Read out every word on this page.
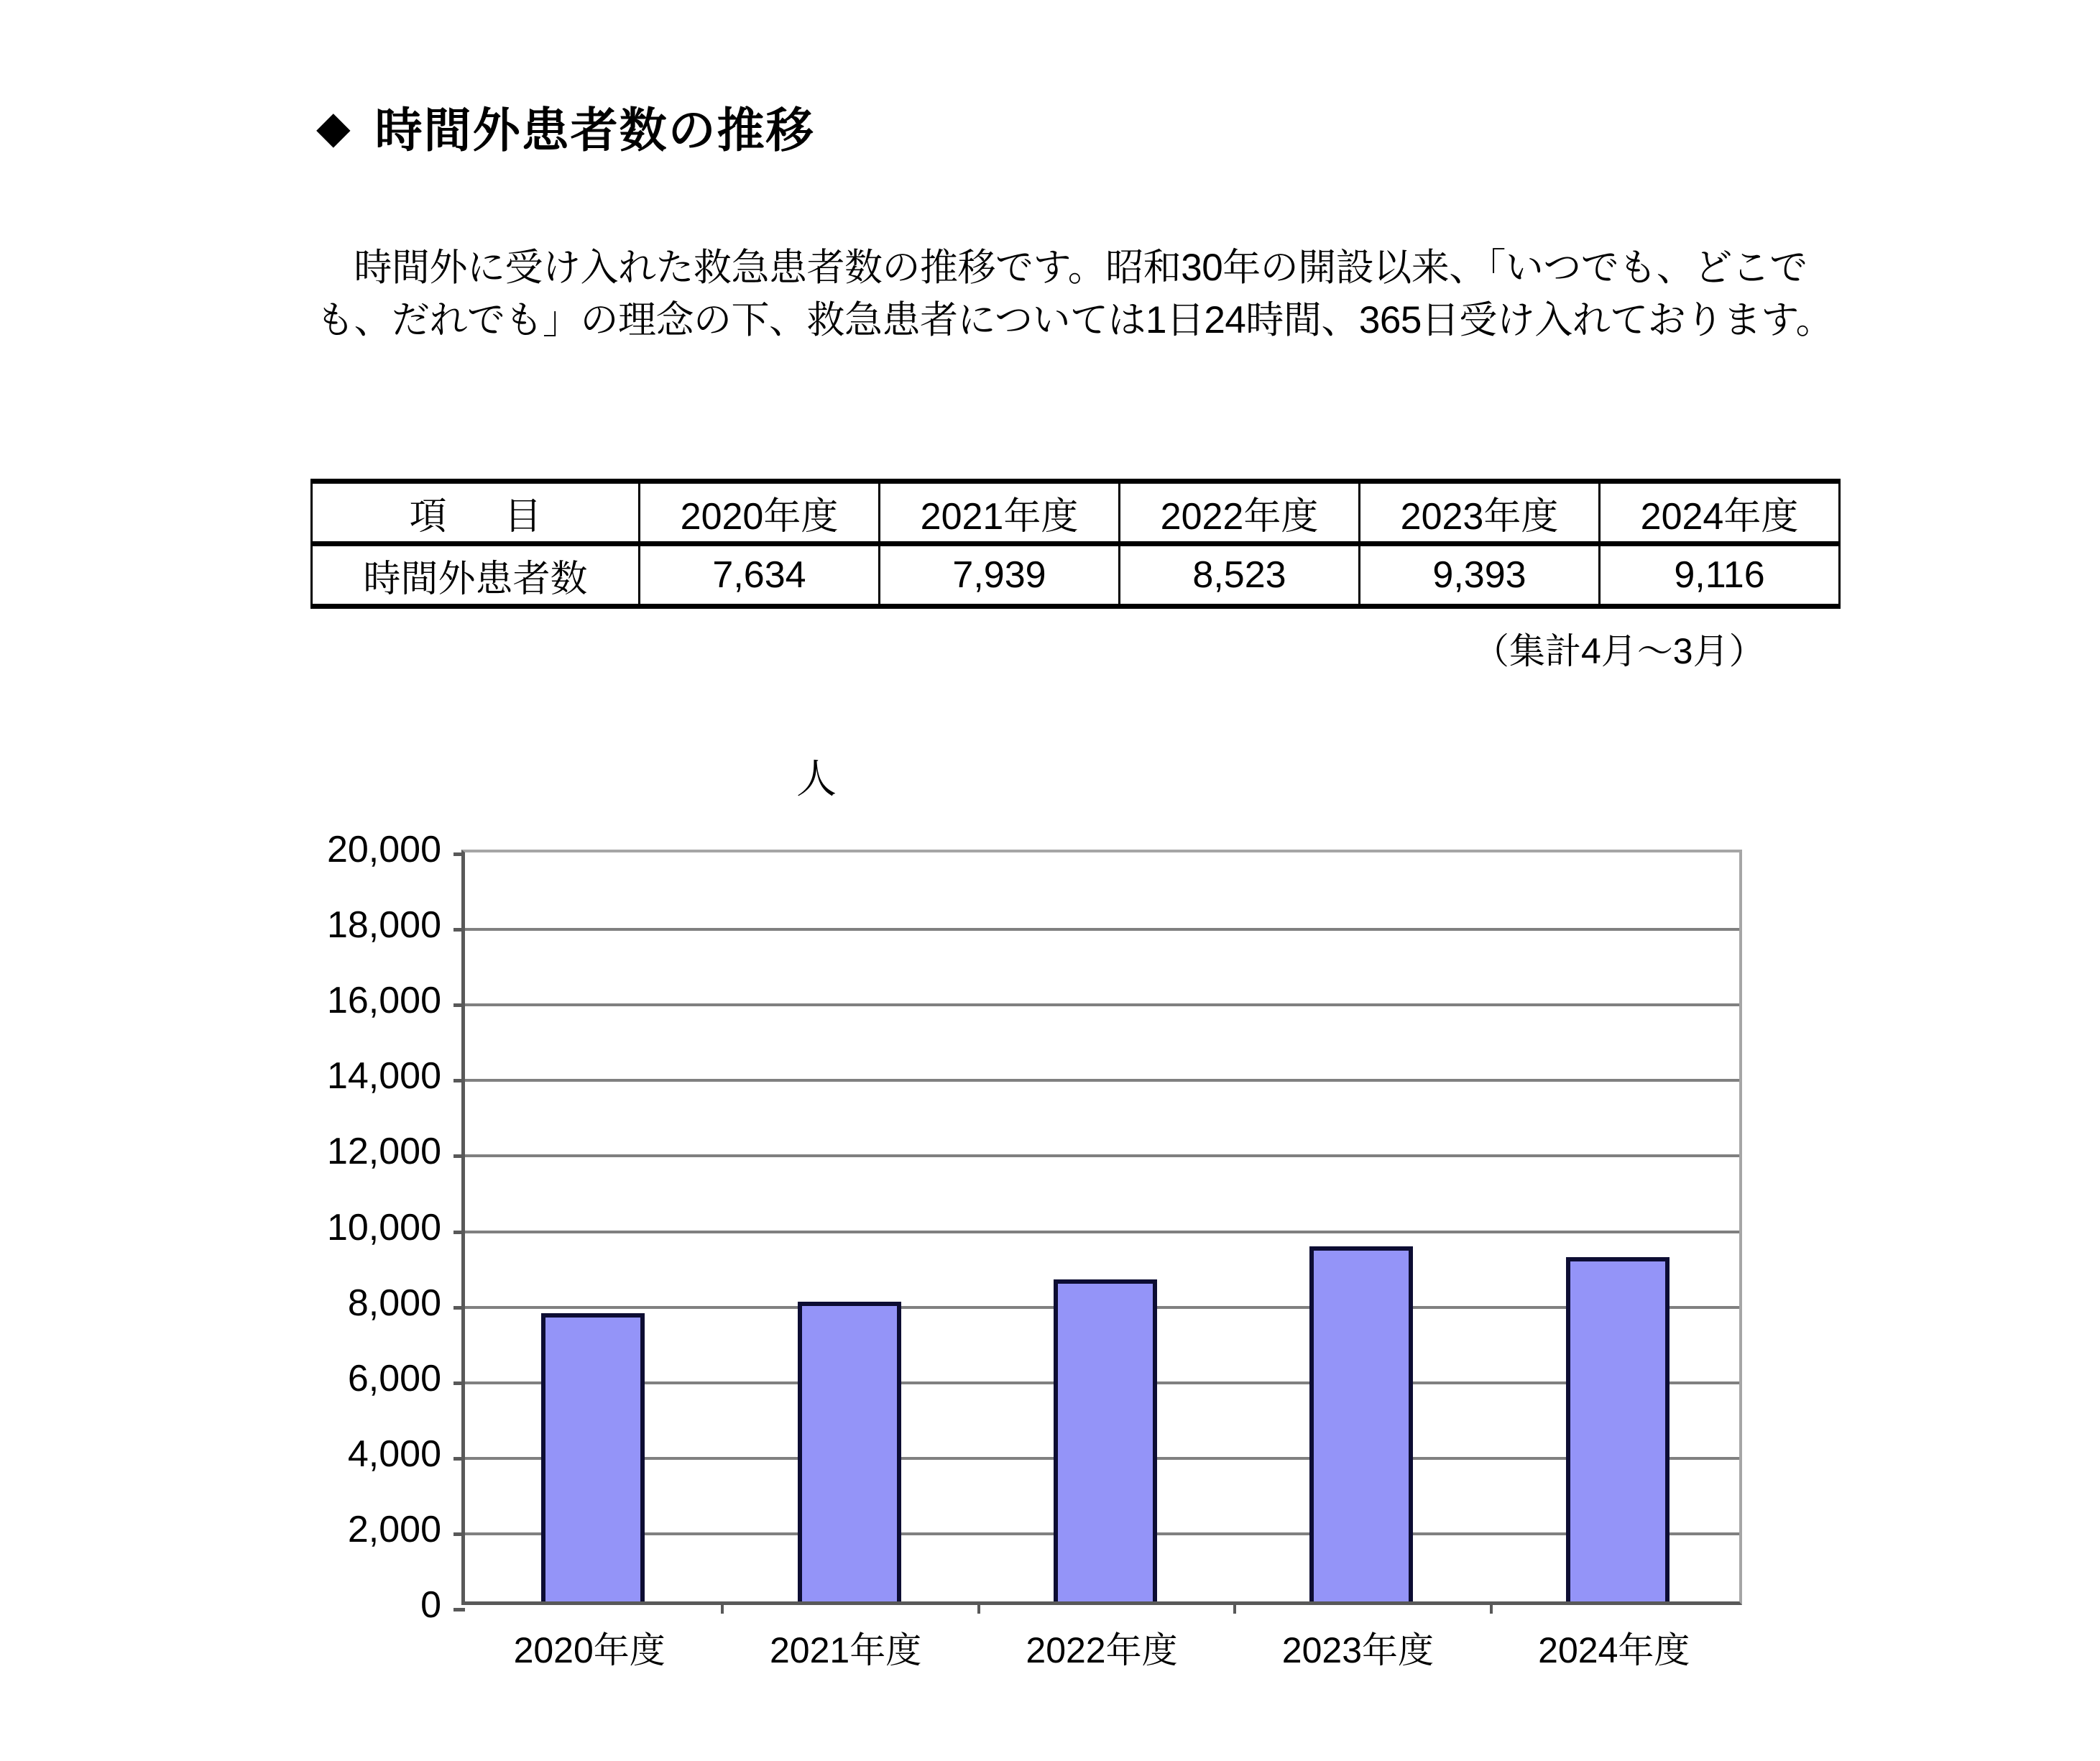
◆ 時間外患者数の推移

　時間外に受け入れた救急患者数の推移です。昭和30年の開設以来、「いつでも、どこでも、だれでも」の理念の下、救急患者については1日24時間、365日受け入れております。

項　目	2020年度	2021年度	2022年度	2023年度	2024年度
時間外患者数	7,634	7,939	8,523	9,393	9,116
（集計4月～3月）
人
20,000
18,000
16,000
14,000
12,000
10,000
8,000
6,000
4,000
2,000
0
2020年度	2021年度	2022年度	2023年度	2024年度
